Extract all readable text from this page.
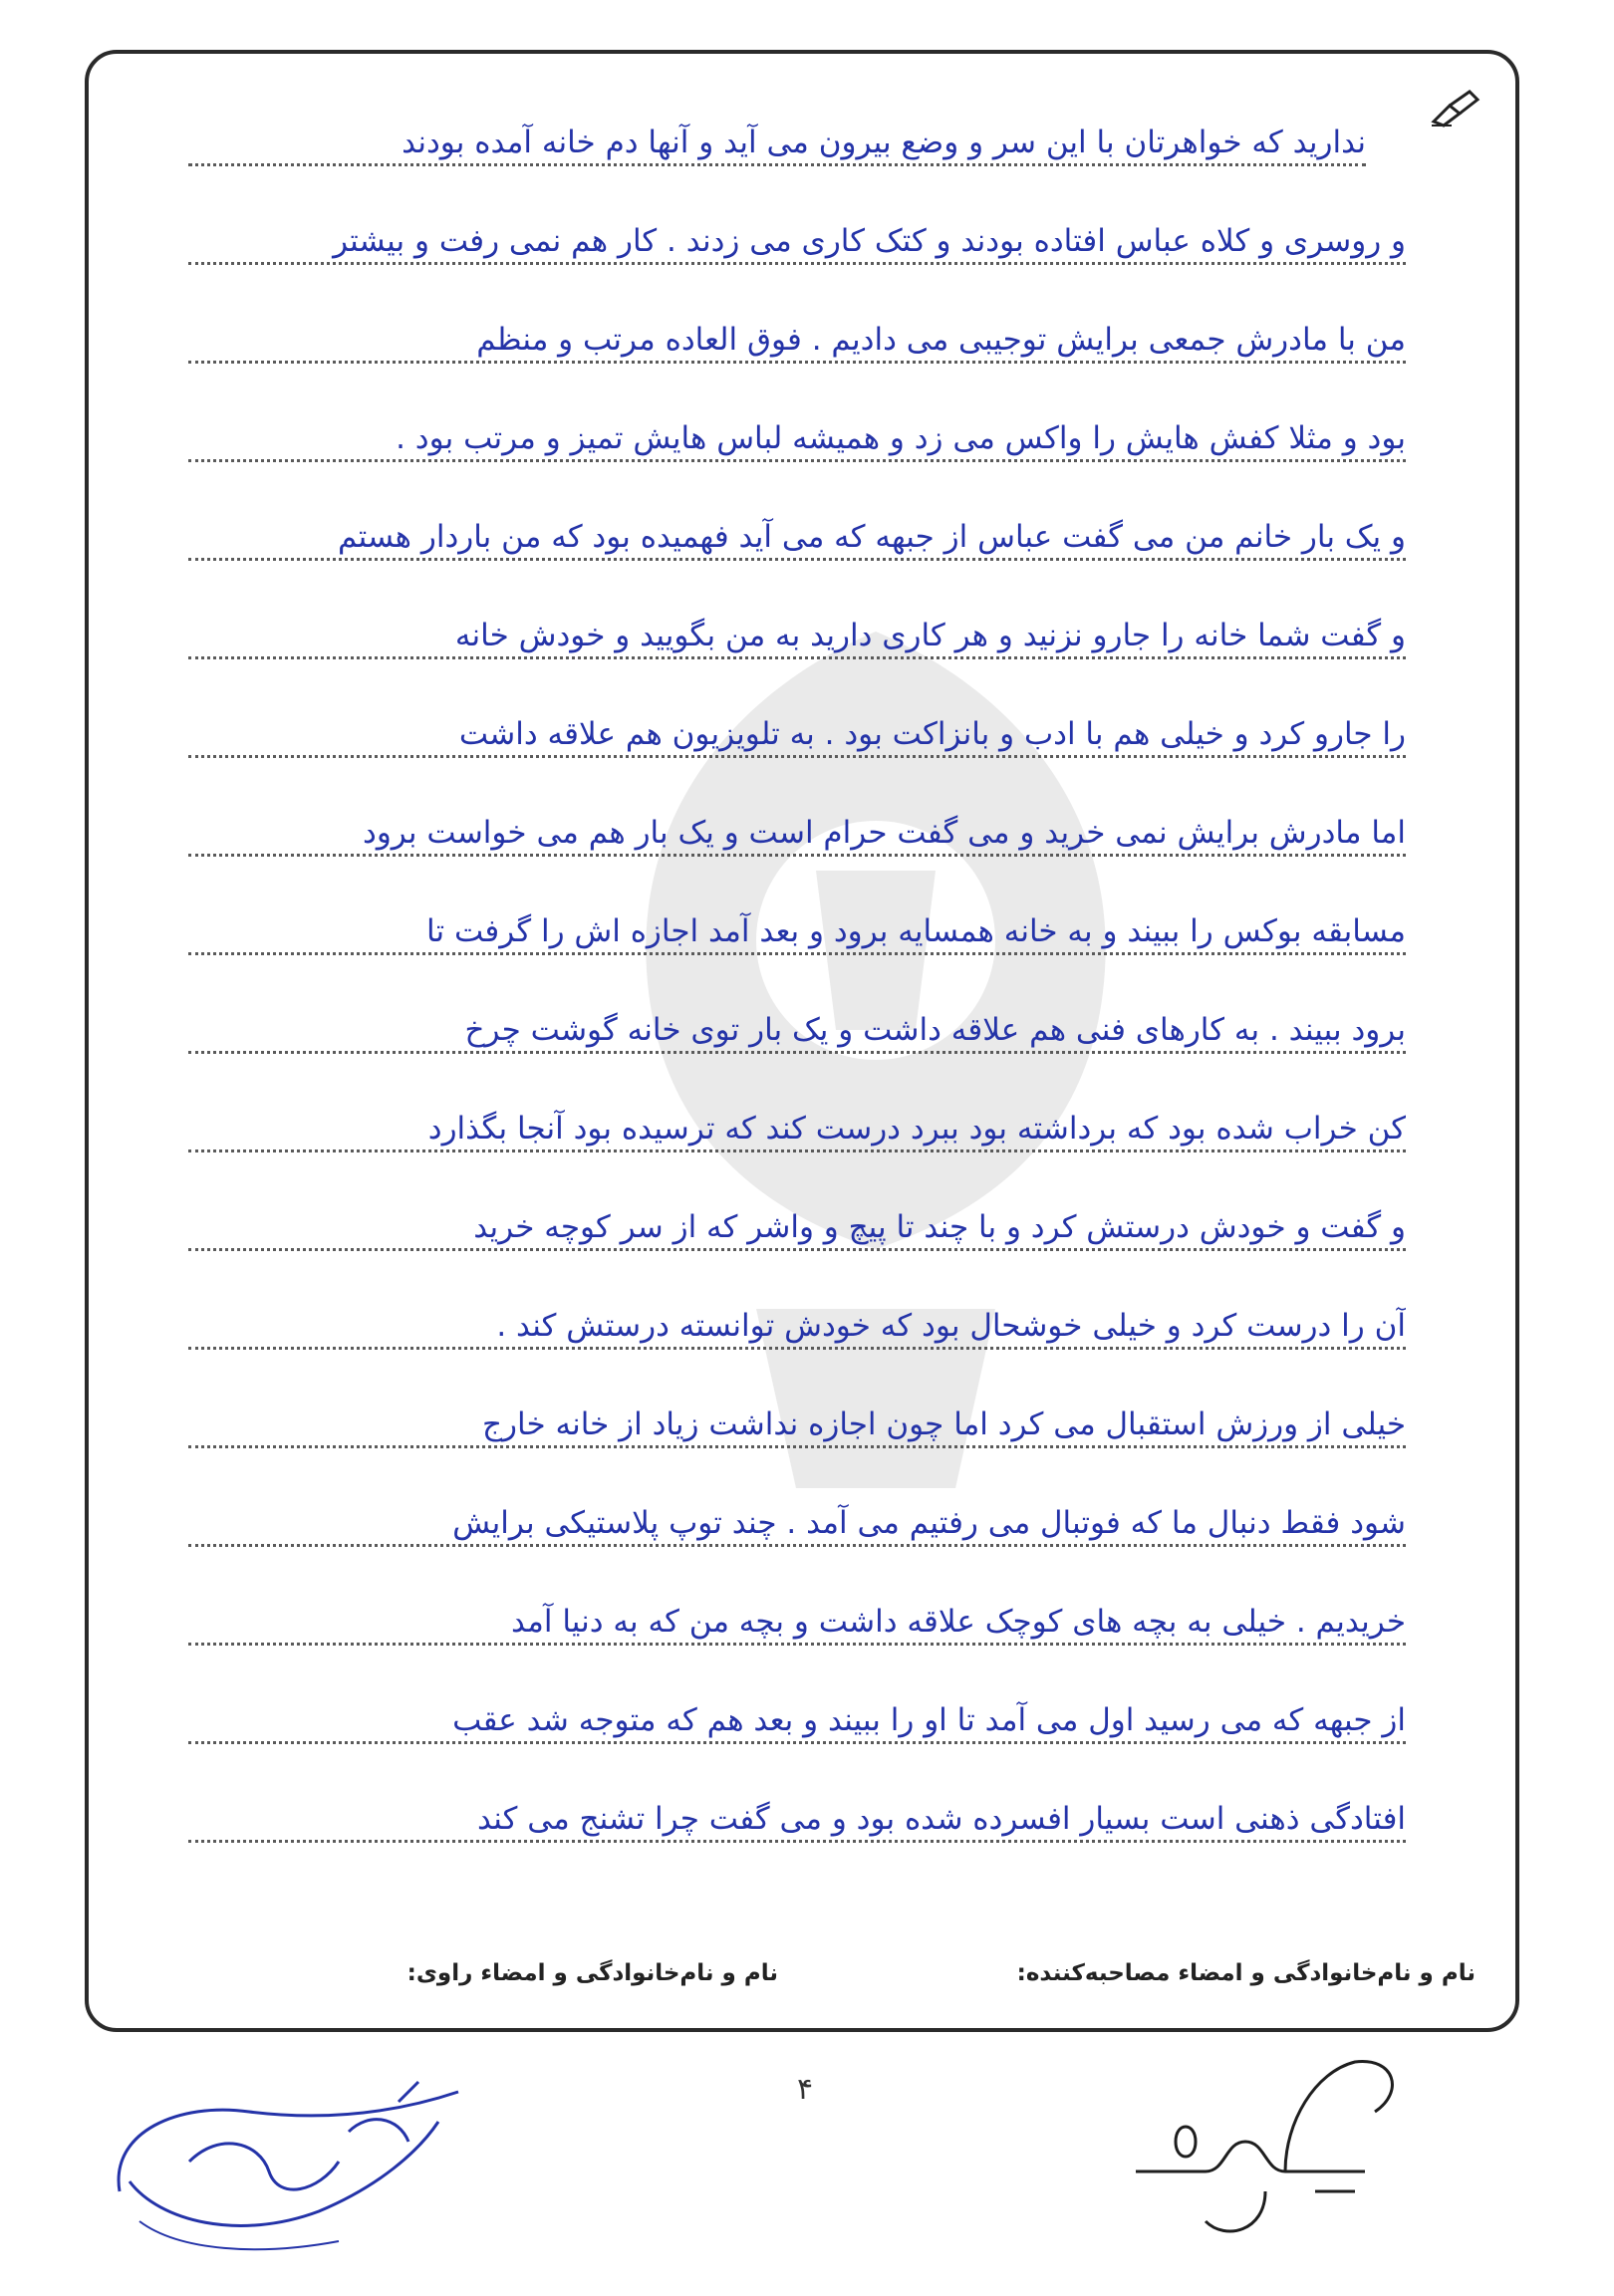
ندارید که خواهرتان با این سر و وضع بیرون می آید و آنها دم خانه آمده بودند
و روسری و کلاه عباس افتاده بودند و کتک کاری می زدند . کار هم نمی رفت و بیشتر
من با مادرش جمعی برایش توجیبی می دادیم . فوق العاده مرتب و منظم
بود و مثلا کفش هایش را واکس می زد و همیشه لباس هایش تمیز و مرتب بود .
و یک بار خانم من می گفت عباس از جبهه که می آید فهمیده بود که من باردار هستم
و گفت شما خانه را جارو نزنید و هر کاری دارید به من بگویید و خودش خانه
را جارو کرد و خیلی هم با ادب و بانزاکت بود . به تلویزیون هم علاقه داشت
اما مادرش برایش نمی خرید و می گفت حرام است و یک بار هم می خواست برود
مسابقه بوکس را ببیند و به خانه همسایه برود و بعد آمد اجازه اش را گرفت تا
برود ببیند . به کارهای فنی هم علاقه داشت و یک بار توی خانه گوشت چرخ
کن خراب شده بود که برداشته بود ببرد درست کند که ترسیده بود آنجا بگذارد
و گفت و خودش درستش کرد و با چند تا پیچ و واشر که از سر کوچه خرید
آن را درست کرد و خیلی خوشحال بود که خودش توانسته درستش کند .
خیلی از ورزش استقبال می کرد اما چون اجازه نداشت زیاد از خانه خارج
شود فقط دنبال ما که فوتبال می رفتیم می آمد . چند توپ پلاستیکی برایش
خریدیم . خیلی به بچه های کوچک علاقه داشت و بچه من که به دنیا آمد
از جبهه که می رسید اول می آمد تا او را ببیند و بعد هم که متوجه شد عقب
افتادگی ذهنی است بسیار افسرده شده بود و می گفت چرا تشنج می کند
نام و نام‌خانوادگی و امضاء مصاحبه‌کننده:
نام و نام‌خانوادگی و امضاء راوی:
۴
